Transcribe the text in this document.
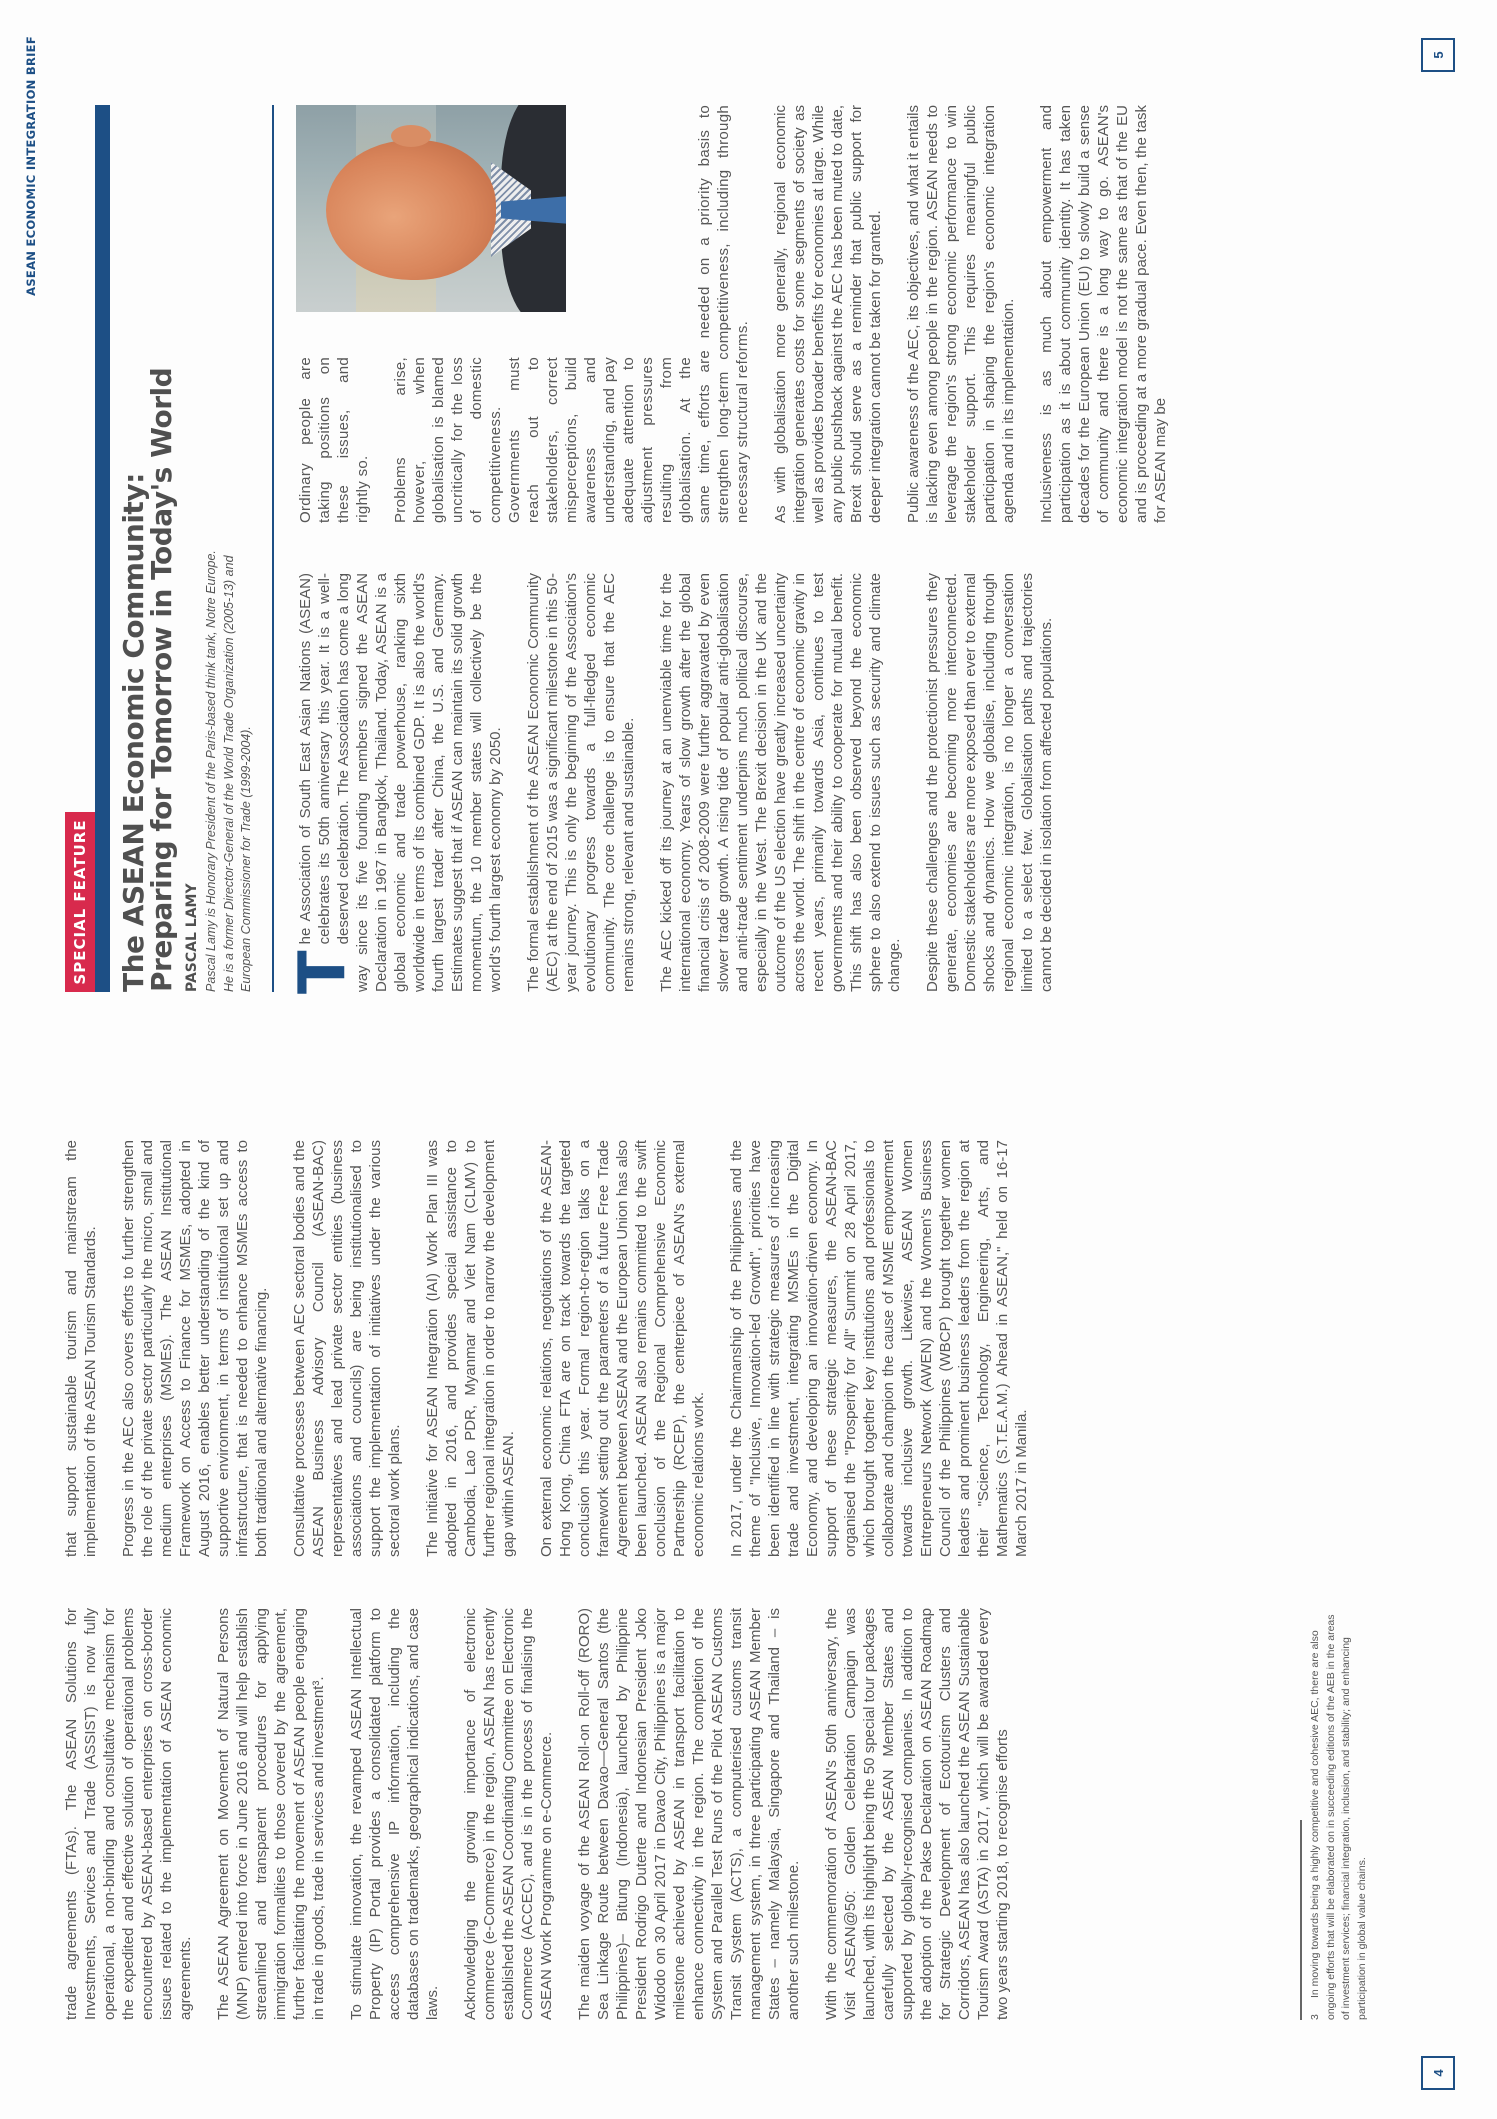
ASEAN ECONOMIC INTEGRATION BRIEF

trade agreements (FTAs). The ASEAN Solutions for Investments, Services and Trade (ASSIST) is now fully operational, a non-binding and consultative mechanism for the expedited and effective solution of operational problems encountered by ASEAN-based enterprises on cross-border issues related to the implementation of ASEAN economic agreements. The ASEAN Agreement on Movement of Natural Persons (MNP) entered into force in June 2016 and will help establish streamlined and transparent procedures for applying immigration formalities to those covered by the agreement, further facilitating the movement of ASEAN people engaging in trade in goods, trade in services and investment³. To stimulate innovation, the revamped ASEAN Intellectual Property (IP) Portal provides a consolidated platform to access comprehensive IP information, including the databases on trademarks, geographical indications, and case laws. Acknowledging the growing importance of electronic commerce (e-Commerce) in the region, ASEAN has recently established the ASEAN Coordinating Committee on Electronic Commerce (ACCEC), and is in the process of finalising the ASEAN Work Programme on e-Commerce. The maiden voyage of the ASEAN Roll-on Roll-off (RORO) Sea Linkage Route between Davao—General Santos (the Philippines)– Bitung (Indonesia), launched by Philippine President Rodrigo Duterte and Indonesian President Joko Widodo on 30 April 2017 in Davao City, Philippines is a major milestone achieved by ASEAN in transport facilitation to enhance connectivity in the region. The completion of the System and Parallel Test Runs of the Pilot ASEAN Customs Transit System (ACTS), a computerised customs transit management system, in three participating ASEAN Member States – namely Malaysia, Singapore and Thailand – is another such milestone. With the commemoration of ASEAN's 50th anniversary, the Visit ASEAN@50: Golden Celebration Campaign was launched, with its highlight being the 50 special tour packages carefully selected by the ASEAN Member States and supported by globally-recognised companies. In addition to the adoption of the Pakse Declaration on ASEAN Roadmap for Strategic Development of Ecotourism Clusters and Corridors, ASEAN has also launched the ASEAN Sustainable Tourism Award (ASTA) in 2017, which will be awarded every two years starting 2018, to recognise efforts	3In moving towards being a highly competitive and cohesive AEC, there are also ongoing efforts that will be elaborated on in succeeding editions of the AEB in the areas of investment services; financial integration, inclusion, and stability; and enhancing participation in global value chains.

that support sustainable tourism and mainstream the implementation of the ASEAN Tourism Standards. Progress in the AEC also covers efforts to further strengthen the role of the private sector particularly the micro, small and medium enterprises (MSMEs). The ASEAN Institutional Framework on Access to Finance for MSMEs, adopted in August 2016, enables better understanding of the kind of supportive environment, in terms of institutional set up and infrastructure, that is needed to enhance MSMEs access to both traditional and alternative financing. Consultative processes between AEC sectoral bodies and the ASEAN Business Advisory Council (ASEAN-BAC) representatives and lead private sector entities (business associations and councils) are being institutionalised to support the implementation of initiatives under the various sectoral work plans. The Initiative for ASEAN Integration (IAI) Work Plan III was adopted in 2016, and provides special assistance to Cambodia, Lao PDR, Myanmar and Viet Nam (CLMV) to further regional integration in order to narrow the development gap within ASEAN. On external economic relations, negotiations of the ASEAN-Hong Kong, China FTA are on track towards the targeted conclusion this year. Formal region-to-region talks on a framework setting out the parameters of a future Free Trade Agreement between ASEAN and the European Union has also been launched. ASEAN also remains committed to the swift conclusion of the Regional Comprehensive Economic Partnership (RCEP), the centerpiece of ASEAN's external economic relations work. In 2017, under the Chairmanship of the Philippines and the theme of "Inclusive, Innovation-led Growth", priorities have been identified in line with strategic measures of increasing trade and investment, integrating MSMEs in the Digital Economy, and developing an innovation-driven economy. In support of these strategic measures, the ASEAN-BAC organised the "Prosperity for All" Summit on 28 April 2017, which brought together key institutions and professionals to collaborate and champion the cause of MSME empowerment towards inclusive growth. Likewise, ASEAN Women Entrepreneurs Network (AWEN) and the Women's Business Council of the Philippines (WBCP) brought together women leaders and prominent business leaders from the region at their "Science, Technology, Engineering, Arts, and Mathematics (S.T.E.A.M.) Ahead in ASEAN," held on 16-17 March 2017 in Manila.

4
SPECIAL FEATURE The ASEAN Economic Community:
Preparing for Tomorrow in Today's World PASCAL LAMY Pascal Lamy is Honorary President of the Paris-based think tank, Notre Europe. He is a former Director-General of the World Trade Organization (2005-13) and European Commissioner for Trade (1999-2004). T
he Association of South East Asian Nations (ASEAN) celebrates its 50th anniversary this year. It is a well-deserved celebration. The Association has come a long way since its five founding members signed the ASEAN Declaration in 1967 in Bangkok, Thailand. Today, ASEAN is a global economic and trade powerhouse, ranking sixth worldwide in terms of its combined GDP. It is also the world's fourth largest trader after China, the U.S. and Germany. Estimates suggest that if ASEAN can maintain its solid growth momentum, the 10 member states will collectively be the world's fourth largest economy by 2050. The formal establishment of the ASEAN Economic Community (AEC) at the end of 2015 was a significant milestone in this 50-year journey. This is only the beginning of the Association's evolutionary progress towards a full-fledged economic community. The core challenge is to ensure that the AEC remains strong, relevant and sustainable. The AEC kicked off its journey at an unenviable time for the international economy. Years of slow growth after the global financial crisis of 2008-2009 were further aggravated by even slower trade growth. A rising tide of popular anti-globalisation and anti-trade sentiment underpins much political discourse, especially in the West. The Brexit decision in the UK and the outcome of the US election have greatly increased uncertainty across the world. The shift in the centre of economic gravity in recent years, primarily towards Asia, continues to test governments and their ability to cooperate for mutual benefit. This shift has also been observed beyond the economic sphere to also extend to issues such as security and climate change. Despite these challenges and the protectionist pressures they generate, economies are becoming more interconnected. Domestic stakeholders are more exposed than ever to external shocks and dynamics. How we globalise, including through regional economic integration, is no longer a conversation limited to a select few. Globalisation paths and trajectories cannot be decided in isolation from affected populations.

Ordinary people are taking positions on these issues, and rightly so. Problems arise, however, when globalisation is blamed uncritically for the loss of domestic competitiveness. Governments must reach out to stakeholders, correct misperceptions, build awareness and understanding, and pay adequate attention to adjustment pressures resulting from globalisation. At the same time, efforts are needed on a priority basis to strengthen long-term competitiveness, including through necessary structural reforms. As with globalisation more generally, regional economic integration generates costs for some segments of society as well as provides broader benefits for economies at large. While any public pushback against the AEC has been muted to date, Brexit should serve as a reminder that public support for deeper integration cannot be taken for granted. Public awareness of the AEC, its objectives, and what it entails is lacking even among people in the region. ASEAN needs to leverage the region's strong economic performance to win stakeholder support. This requires meaningful public participation in shaping the region's economic integration agenda and in its implementation. Inclusiveness is as much about empowerment and participation as it is about community identity. It has taken decades for the European Union (EU) to slowly build a sense of community and there is a long way to go. ASEAN's economic integration model is not the same as that of the EU and is proceeding at a more gradual pace. Even then, the task for ASEAN may be

5
